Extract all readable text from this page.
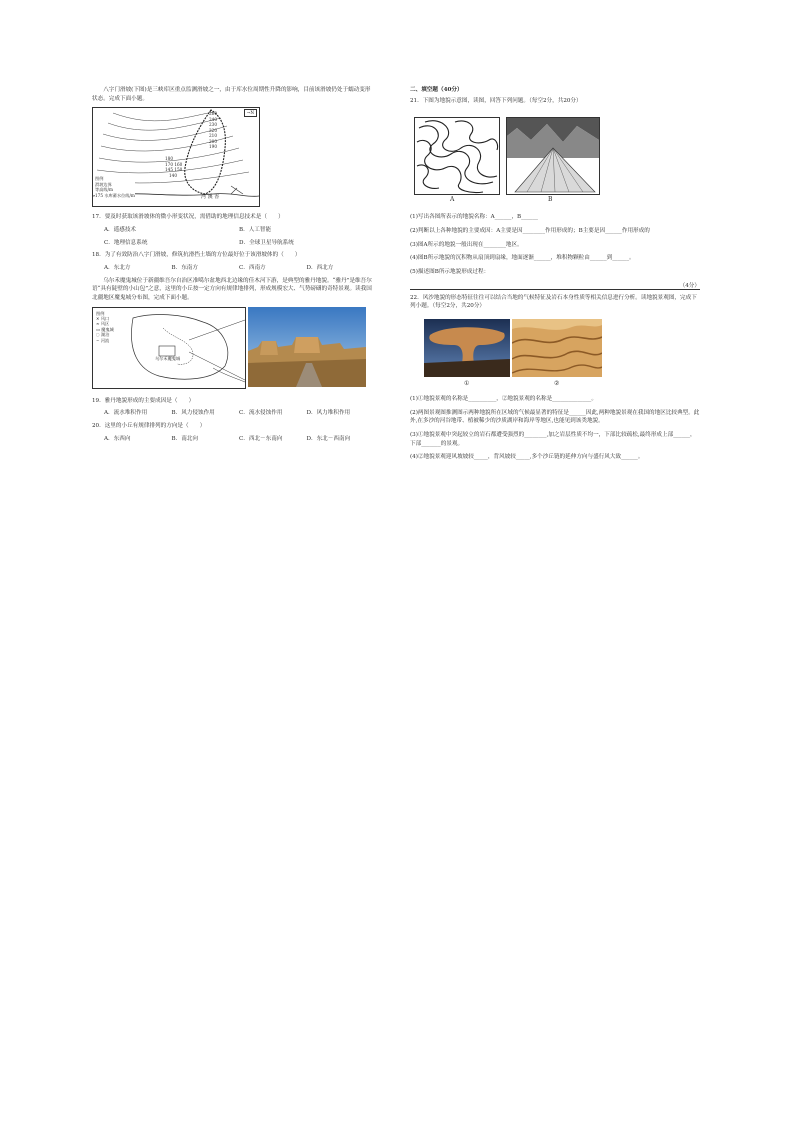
八字门滑坡(下图)是三峡库区重点监测滑坡之一，由于库水位周期性升降的影响，目前该滑坡仍处于蠕动变形状态。完成下面小题。

→N
260
240
230
220
210
200
190
180
170 160
145 150
140
图例
滑坡边界
等高线/m
175 水库蓄水位线/m	河 溪 香

17．要及时获取该滑坡体的微小形变状况，需借助的地理信息技术是（　　）

A．遥感技术	B．人工智能
C．地理信息系统	D．全球卫星导航系统

18．为了有效防治八字门滑坡，修筑抗滑挡土墙的方位最好位于该滑坡体的（　　）

A．东北方	B．东南方	C．西南方	D．西北方

乌尔禾魔鬼城位于新疆维吾尔自治区准噶尔盆地西北边缘的佳木河下游，是典型的雅丹地貌。“雅丹”是维吾尔语“具有陡壁的小山包”之意，这里的小丘按一定方向有规律地排列，形成规模宏大、气势磅礴的奇特景观。读我国北疆地区魔鬼城分布图，完成下面小题。

图例
✕ 风口
≈ 风区
▭ 魔鬼城
◌ 湖泊
∼ 河流
乌尔禾魔鬼城

19．雅丹地貌形成的主要成因是（　　）

A．流水堆积作用	B．风力侵蚀作用	C．流水侵蚀作用	D．风力堆积作用

20．这里的小丘有规律排列的方向是（　　）

A．东西向	B．南北向	C．西北－东南向	D．东北－西南向

二、填空题（40分）

21．下图为地貌示意图，读图，回答下列问题。（每空2分，共20分）

A	B

(1)写出各图所表示的地貌名称：A______，B______

(2)判断以上各种地貌的主要成因：A主要是因________作用形成的；B主要是因______作用形成的

(3)图A所示的地貌一般出现在________地区。

(4)图B所示地貌的沉积物从扇顶到扇缘，地面逐渐______，堆积物颗粒由______到______。

(5)描述图B所示地貌形成过程：

（4分）

22．风沙地貌的形态特征往往可以结合当地的气候特征及岩石本身性质等相关信息进行分析。读地貌景观图，完成下列小题。（每空2分，共20分）

①	②

(1)①地貌景观的名称是__________，②地貌景观的名称是______________。

(2)两图景观图推测图示两种地貌所在区域的气候最显著的特征是______因此,两种地貌景观在我国的地区比较典型。此外,在多沙的河谷地带、植被稀少的沙质湖岸和海岸等地区,也能见到该类地貌。

(3)①地貌景观中突起较立的岩石都遭受强烈的________,加之岩层性质不均一，下部比较疏松,最终形成上部______，下部_______的景观。

(4)②地貌景观迎风坡坡较_____，背风坡较_____,多个沙丘链的延伸方向与盛行风大致______。
